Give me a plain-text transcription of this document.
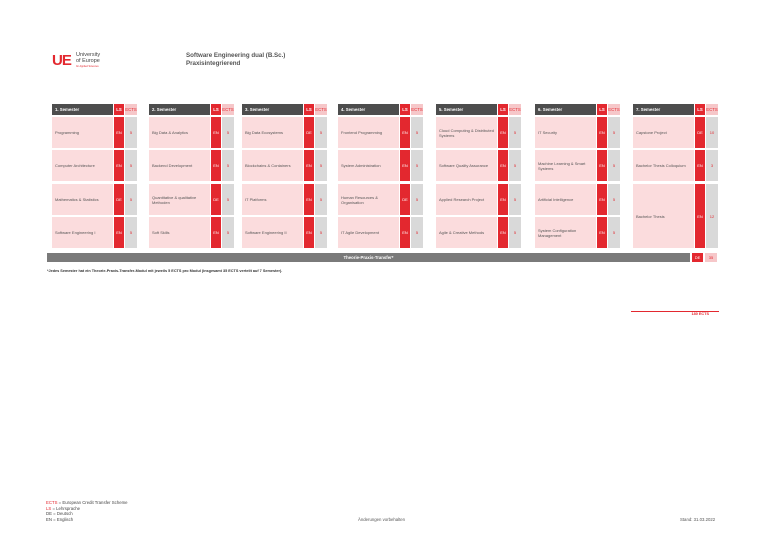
UE University
of Europe
for Applied Sciences
Software Engineering dual (B.Sc.)
Praxisintegrierend
1. Semester	LS ECTS
Programming	EN	5
Computer Architecture	EN	5
Mathematics & Statistics	DE	5
Software Engineering I	EN	5
2. Semester	LS ECTS
Big Data & Analytics	EN	5
Backend Development	EN	5
Quantitative & qualitative Methoden	DE	5
Soft Skills	EN	5
3. Semester	LS ECTS
Big Data Ecosystems	DE	5
Blockchains & Containers	EN	5
IT Platforms	EN	5
Software Engineering II	EN	5
4. Semester	LS ECTS
Frontend Programming	EN	5
System Administration	EN	5
Human Resources & Organisation	DE	5
IT Agile Development	EN	5
5. Semester	LS ECTS
Cloud Computing & Distributed Systems	EN	5
Software Quality Assurance	EN	5
Applied Research Project	EN	5
Agile & Creative Methods	EN	5
6. Semester	LS ECTS
IT Security	EN	5
Machine Learning & Smart Systems	EN	5
Artificial Intelligence	EN	5
System Configuration Management	EN	5
7. Semester	LS ECTS
Capstone Project	DE	10
Bachelor Thesis Colloquium	EN	3
Bachelor Thesis	EN	12
Theorie-Praxis-Transfer*	DE	35
*Jedes Semester hat ein Theorie-Praxis-Transfer-Modul mit jeweils 5 ECTS pro Modul (insgesamt 35 ECTS verteilt auf 7 Semester).
180 ECTS
ECTS = European Credit Transfer Scheme
LS = Lehrsprache
DE = Deutsch
EN = Englisch	Änderungen vorbehalten	Stand: 31.03.2022
